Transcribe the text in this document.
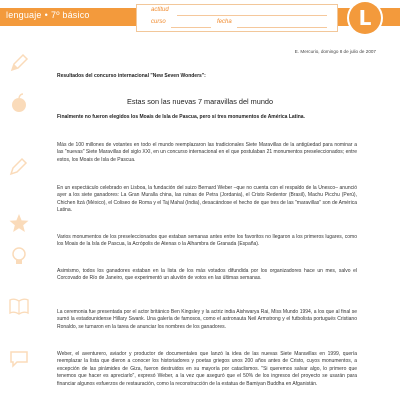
lenguaje • 7º básico	actitud
curso	fecha	L
E. Mercurio, domingo 8 de julio de 2007
Resultados del concurso internacional "New Seven Wonders":
Estas son las nuevas 7 maravillas del mundo
Finalmente no fueron elegidos los Moais de Isla de Pascua, pero sí tres monumentos de América Latina.
Más de 100 millones de votantes en todo el mundo reemplazaron las tradicionales Siete Maravillas de la antigüedad para nominar a las "nuevas" Siete Maravillas del siglo XXI, en un concurso internacional en el que postulaban 21 monumentos preseleccionados; entre estos, los Moais de Isla de Pascua.
En un espectáculo celebrado en Lisboa, la fundación del suizo Bernard Weber –que no cuenta con el respaldo de la Unesco– anunció ayer a los siete ganadores: La Gran Muralla china, las ruinas de Petra (Jordania), el Cristo Redentor (Brasil), Machu Picchu (Perú), Chichen Itzá (México), el Coliseo de Roma y el Taj Mahal (India), desacándose el hecho de que tres de las "maravillas" son de América Latina.
Varios monumentos de los preseleccionados que estaban semanas antes entre los favoritos no llegaron a los primeros lugares, como los Moais de la Isla de Pascua, la Acrópolis de Atenas o la Alhambra de Granada (España).
Asimismo, todos los ganadores estaban en la lista de los más votados difundida por los organizadores hace un mes, salvo el Corcovado de Río de Janeiro, que experimentó un aluvión de votos en las últimas semanas.
La ceremonia fue presentada por el actor británico Ben Kingsley y la actriz india Aishwarya Rai, Miss Mundo 1994, a los que al final se sumó la estadounidense Hillary Swank. Una galería de famosos, como el astronauta Neil Armstrong y el futbolista portugués Cristiano Ronaldo, se turnaron en la tarea de anunciar los nombres de los ganadores.
Weber, el aventurero, aviador y productor de documentales que lanzó la idea de las nuevas Siete Maravillas en 1999, quería reemplazar la lista que dieron a conocer los historiadores y poetas griegos unos 200 años antes de Cristo, cuyos monumentos, a excepción de las pirámides de Giza, fueron destruidos en su mayoría por cataclismos. "Si queremos salvar algo, lo primero que tenemos que hacer es apreciarlo", expresó Weber, a la vez que aseguró que el 50% de los ingresos del proyecto se usarán para financiar algunos esfuerzos de restauración, como la reconstrucción de la estatua de Bamiyan Buddha en Afganistán.
